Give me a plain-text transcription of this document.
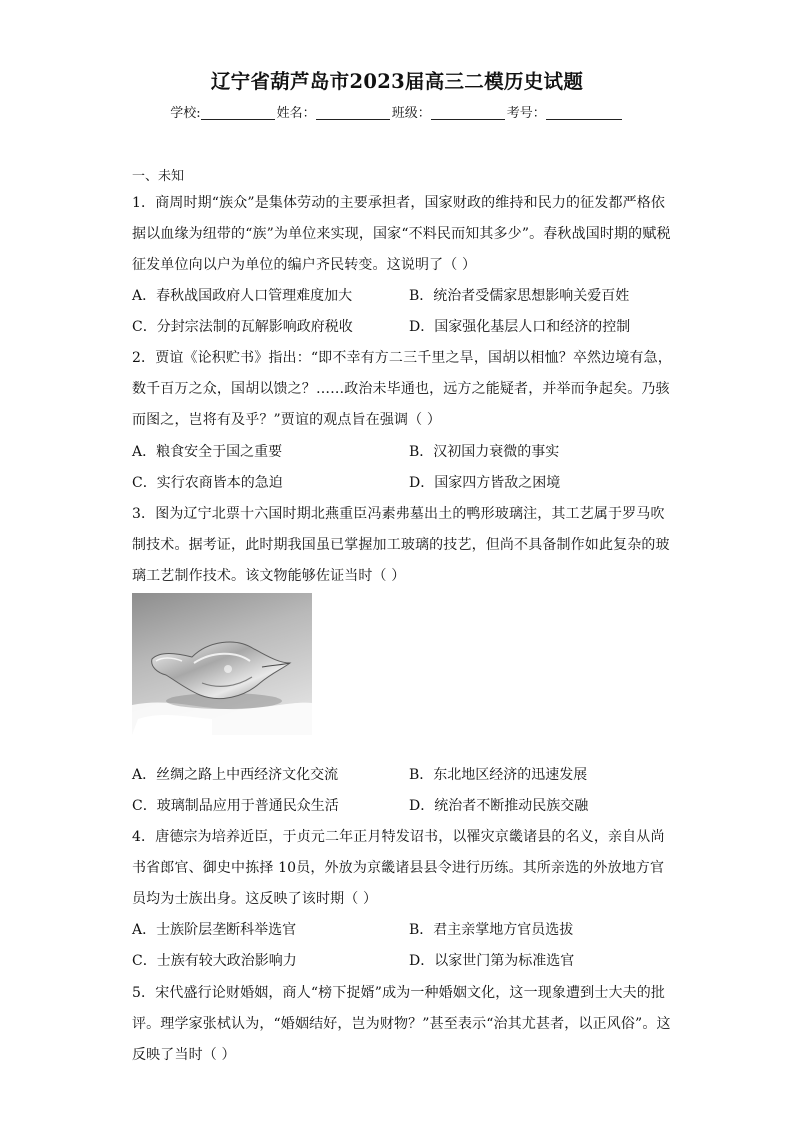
辽宁省葫芦岛市2023届高三二模历史试题
学校:	姓名：	班级：	考号：
一、未知
1．商周时期“族众”是集体劳动的主要承担者，国家财政的维持和民力的征发都严格依
据以血缘为纽带的“族”为单位来实现，国家“不料民而知其多少”。春秋战国时期的赋税
征发单位向以户为单位的编户齐民转变。这说明了（ ）
A．春秋战国政府人口管理难度加大	B．统治者受儒家思想影响关爱百姓
C．分封宗法制的瓦解影响政府税收	D．国家强化基层人口和经济的控制
2．贾谊《论积贮书》指出：“即不幸有方二三千里之旱，国胡以相恤？卒然边境有急，
数千百万之众，国胡以馈之？……政治未毕通也，远方之能疑者，并举而争起矣。乃骇
而图之，岂将有及乎？”贾谊的观点旨在强调（ ）
A．粮食安全于国之重要	B．汉初国力衰微的事实
C．实行农商皆本的急迫	D．国家四方皆敌之困境
3．图为辽宁北票十六国时期北燕重臣冯素弗墓出土的鸭形玻璃注，其工艺属于罗马吹
制技术。据考证，此时期我国虽已掌握加工玻璃的技艺，但尚不具备制作如此复杂的玻
璃工艺制作技术。该文物能够佐证当时（ ）
A．丝绸之路上中西经济文化交流	B．东北地区经济的迅速发展
C．玻璃制品应用于普通民众生活	D．统治者不断推动民族交融
4．唐德宗为培养近臣，于贞元二年正月特发诏书，以罹灾京畿诸县的名义，亲自从尚
书省郎官、御史中拣择 10员，外放为京畿诸县县令进行历练。其所亲选的外放地方官
员均为士族出身。这反映了该时期（ ）
A．士族阶层垄断科举选官	B．君主亲掌地方官员选拔
C．士族有较大政治影响力	D．以家世门第为标准选官
5．宋代盛行论财婚姻，商人“榜下捉婿”成为一种婚姻文化，这一现象遭到士大夫的批
评。理学家张栻认为，“婚姻结好，岂为财物？”甚至表示“治其尤甚者，以正风俗”。这
反映了当时（ ）
